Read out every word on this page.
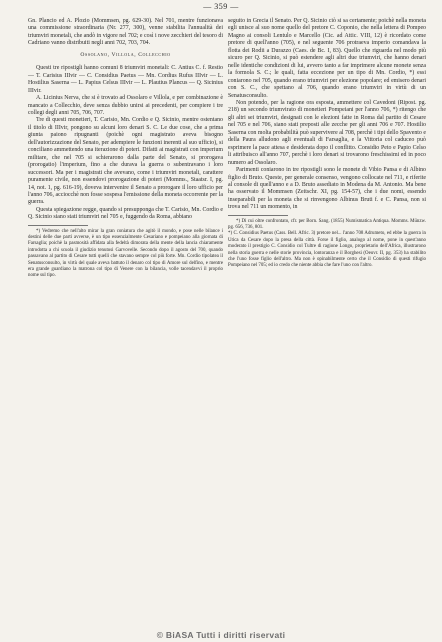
— 359 —

Gn. Plancio ed A. Plozio (Mommsen, pg. 629-30). Nel 701, mentre funzionava una commissione straordinaria (Nr. 277, 300), venne stabilita l'annualità dei triumviri monetali, che andò in vigore nel 702; e così i nove zecchieri del tesoro di Cadriano vanno distribuiti negli anni 702, 703, 704.

Ossolano, Villola, Collecchio

Questi tre ripostigli hanno comuni 8 triumviri monetali: C. Antius C. f. Restio — T. Carisius IIIvir — C. Considius Paetus — Mn. Cordius Rufus IIIvir — L. Hostilius Saserna — L. Papius Celsus IIIvir — L. Plautius Plancus — Q. Sicinius IIIvir.

A. Licinius Nerva, che si è trovato ad Ossolaro e Villola, e per combinazione è mancato a Collecchio, deve senza dubbio unirsi ai precedenti, per compiere i tre collegi degli anni 705, 706, 707.

Tre di questi monetieri, T. Carisio, Mn. Cordio e Q. Sicinio, mentre ostentano il titolo di IIIvir, pongono su alcuni loro denari S. C. Le due cose, che a prima giunta paiono ripugnanti (poichè ogni magistrato aveva bisogno dell'autorizzazione del Senato, per adempiere le funzioni inerenti al suo ufficio), si conciliano ammettendo una iterazione di poteri. Difatti ai magistrati con imperium militare, che nel 705 si schierarono dalla parte del Senato, si prorogava (prorogatio) l'imperium, fino a che durava la guerra o subentravano i loro successori. Ma per i magistrati che avevano, come i triumviri monetali, carattere puramente civile, non essendovi prorogazione di poteri (Momms., Staatsr. I, pg. 14, not. 1, pg. 616-19), doveva intervenire il Senato a prorogare il loro ufficio per l'anno 706, acciocchè non fosse sospesa l'emissione della moneta occorrente per la guerra.

Questa spiegazione regge, quando si presupponga che T. Carisio, Mn. Cordio e Q. Sicinio siano stati triumviri nel 705 e, fuggendo da Roma, abbiano

*) Vedremo che nell'alto mirar la gran coniatura che agitò il mondo, e pose nelle bilance i destini delle due parti avverse, è un tipo essenzialmente Cesariano e pompeiano alla giornata di Farsaglia; poichè la pasmosità affidata alla fedeltà dimorata della mente della lancia chiaramente introdotta a chi scuola il giudizio tenutosi Garvovelle. Secondo dopo il agosto del 700, quando passavano al partito di Cesare tutti quelli che stavano sempre col più forte. Mn. Cordio tipolatea il Senatusconsulto, in virtù del quale aveva battuto il denaro col tipo di Amore sul delfino, e mentre era grande guardiano la matrona col tipo di Venere con la bilancia, volle tacendavvi il proprio nome sul tipo.

seguito in Grecia il Senato. Per Q. Sicinio ciò si sa certamente; poichè nella moneta egli unisce al suo nome quello del pretore C. Coponio, che nella lettera di Pompeo Magno ai consoli Lentulo e Marcello (Cic. ad Attic. VIII, 12) è ricordato come pretore di quell'anno (705), e nel seguente 706 protraeva imperio comandava la flotta dei Rodii a Durazzo (Caes. de Bc. I, 83). Quello che riguarda nel modo più sicuro per Q. Sicinio, si può estendere agli altri due triumviri, che hanno denari nelle identiche condizioni di lui, avvero tanto a far imprimere alcune monete senza la formola S. C.; le quali, fatta eccezione per un tipo di Mn. Cordio, *) essi coniarono nel 705, quando erano triumviri per elezione popolare; ed emisero denari con S. C., che spettano al 706, quando erano triumviri in virtù di un Senatusconsulto.

Non potendo, per la ragione ora esposta, ammettere col Cavedoni (Ripost. pg. 218) un secondo triumvirato di monetieri Pompeiani per l'anno 706, *) ritengo che gli altri sei triumviri, designati con le elezioni fatte in Roma dal partito di Cesare nel 705 e nel 706, siano stati preposti alle zecche per gli anni 706 e 707. Hostilio Saserna con molta probabilità può supervivere al 708, perchè i tipi dello Spavento e della Paura alludono agli eventuali di Farsaglia, e la Vittoria col caduceo può esprimere la pace attesa e desiderata dopo il conflitto. Considio Peto e Papio Celso li attribuisco all'anno 707, perchè i loro denari si trovarono freschissimi ed in poco numero ad Ossolaro.

Parimenti coniarono in tre ripostigli sono le monete di Vibio Pansa e di Albino figlio di Bruto. Queste, per generale consenso, vengono collocate nel 711, e riferite al console di quell'anno e a D. Bruto assediato in Modena da M. Antonio. Ma bene ha osservato il Mommsen (Zeitschr. XI, pg. 154-57), che i due nomi, essendo inseparabili per la moneta che si rinvengono Albinus Bruti f. e C. Pansa, non si trova nel 711 un momento, in

*) Di cui oltre confrontato, cfr. per Born. Sang. (1855) Numismatica Antiqua. Momms. Münzw. pg. 656, 736, 801.
*) C. Considius Paetus (Cass. Bell. Afric. 3) pretore nel... l'anno 708 Adrumeto, ed ebbe la guerra in Utica da Cesare dopo la presa della città. Forse il figlio, analogo al nome, pone in quest'anno moderato il prestigio C. Considio col Tultre di ragione Longo, proprietario dell'Africa, illustrarono nella storia guerra e nelle storie provincia, lontoranza e il Borghesi (Oeuvr. II, pg. 353) ha stabilito che l'uno fosse figlio dell'altro. Ma non è opinabilmente certo che il Considio di questi rifugio Pompeiano nel 705; ed io credo che niente abbia che fare l'uno con l'altro.

© BiASA Tutti i diritti riservati
